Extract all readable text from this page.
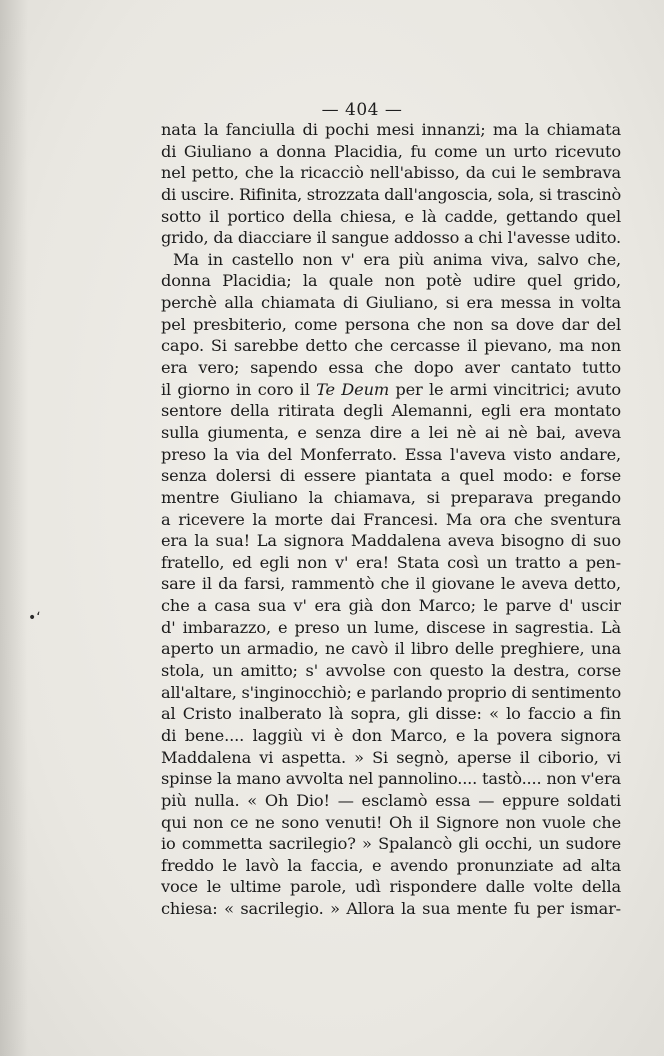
— 404 —
nata la fanciulla di pochi mesi innanzi; ma la chiamata
di Giuliano a donna Placidia, fu come un urto ricevuto
nel petto, che la ricacciò nell'abisso, da cui le sembrava
di uscire. Rifinita, strozzata dall'angoscia, sola, si trascinò
sotto il portico della chiesa, e là cadde, gettando quel
grido, da diacciare il sangue addosso a chi l'avesse udito.
Ma in castello non v' era più anima viva, salvo che,
donna Placidia; la quale non potè udire quel grido,
perchè alla chiamata di Giuliano, si era messa in volta
pel presbiterio, come persona che non sa dove dar del
capo. Si sarebbe detto che cercasse il pievano, ma non
era vero; sapendo essa che dopo aver cantato tutto
il giorno in coro il Te Deum per le armi vincitrici; avuto
sentore della ritirata degli Alemanni, egli era montato
sulla giumenta, e senza dire a lei nè ai nè bai, aveva
preso la via del Monferrato. Essa l'aveva visto andare,
senza dolersi di essere piantata a quel modo: e forse
mentre Giuliano la chiamava, si preparava pregando
a ricevere la morte dai Francesi. Ma ora che sventura
era la sua! La signora Maddalena aveva bisogno di suo
fratello, ed egli non v' era! Stata così un tratto a pen-
sare il da farsi, rammentò che il giovane le aveva detto,
che a casa sua v' era già don Marco; le parve d' uscir
d' imbarazzo, e preso un lume, discese in sagrestia. Là
aperto un armadio, ne cavò il libro delle preghiere, una
stola, un amitto; s' avvolse con questo la destra, corse
all'altare, s'inginocchiò; e parlando proprio di sentimento
al Cristo inalberato là sopra, gli disse: « lo faccio a fin
di bene.... laggiù vi è don Marco, e la povera signora
Maddalena vi aspetta. » Si segnò, aperse il ciborio, vi
spinse la mano avvolta nel pannolino.... tastò.... non v'era
più nulla. « Oh Dio! — esclamò essa — eppure soldati
qui non ce ne sono venuti! Oh il Signore non vuole che
io commetta sacrilegio? » Spalancò gli occhi, un sudore
freddo le lavò la faccia, e avendo pronunziate ad alta
voce le ultime parole, udì rispondere dalle volte della
chiesa: « sacrilegio. » Allora la sua mente fu per ismar-
•ʻ
